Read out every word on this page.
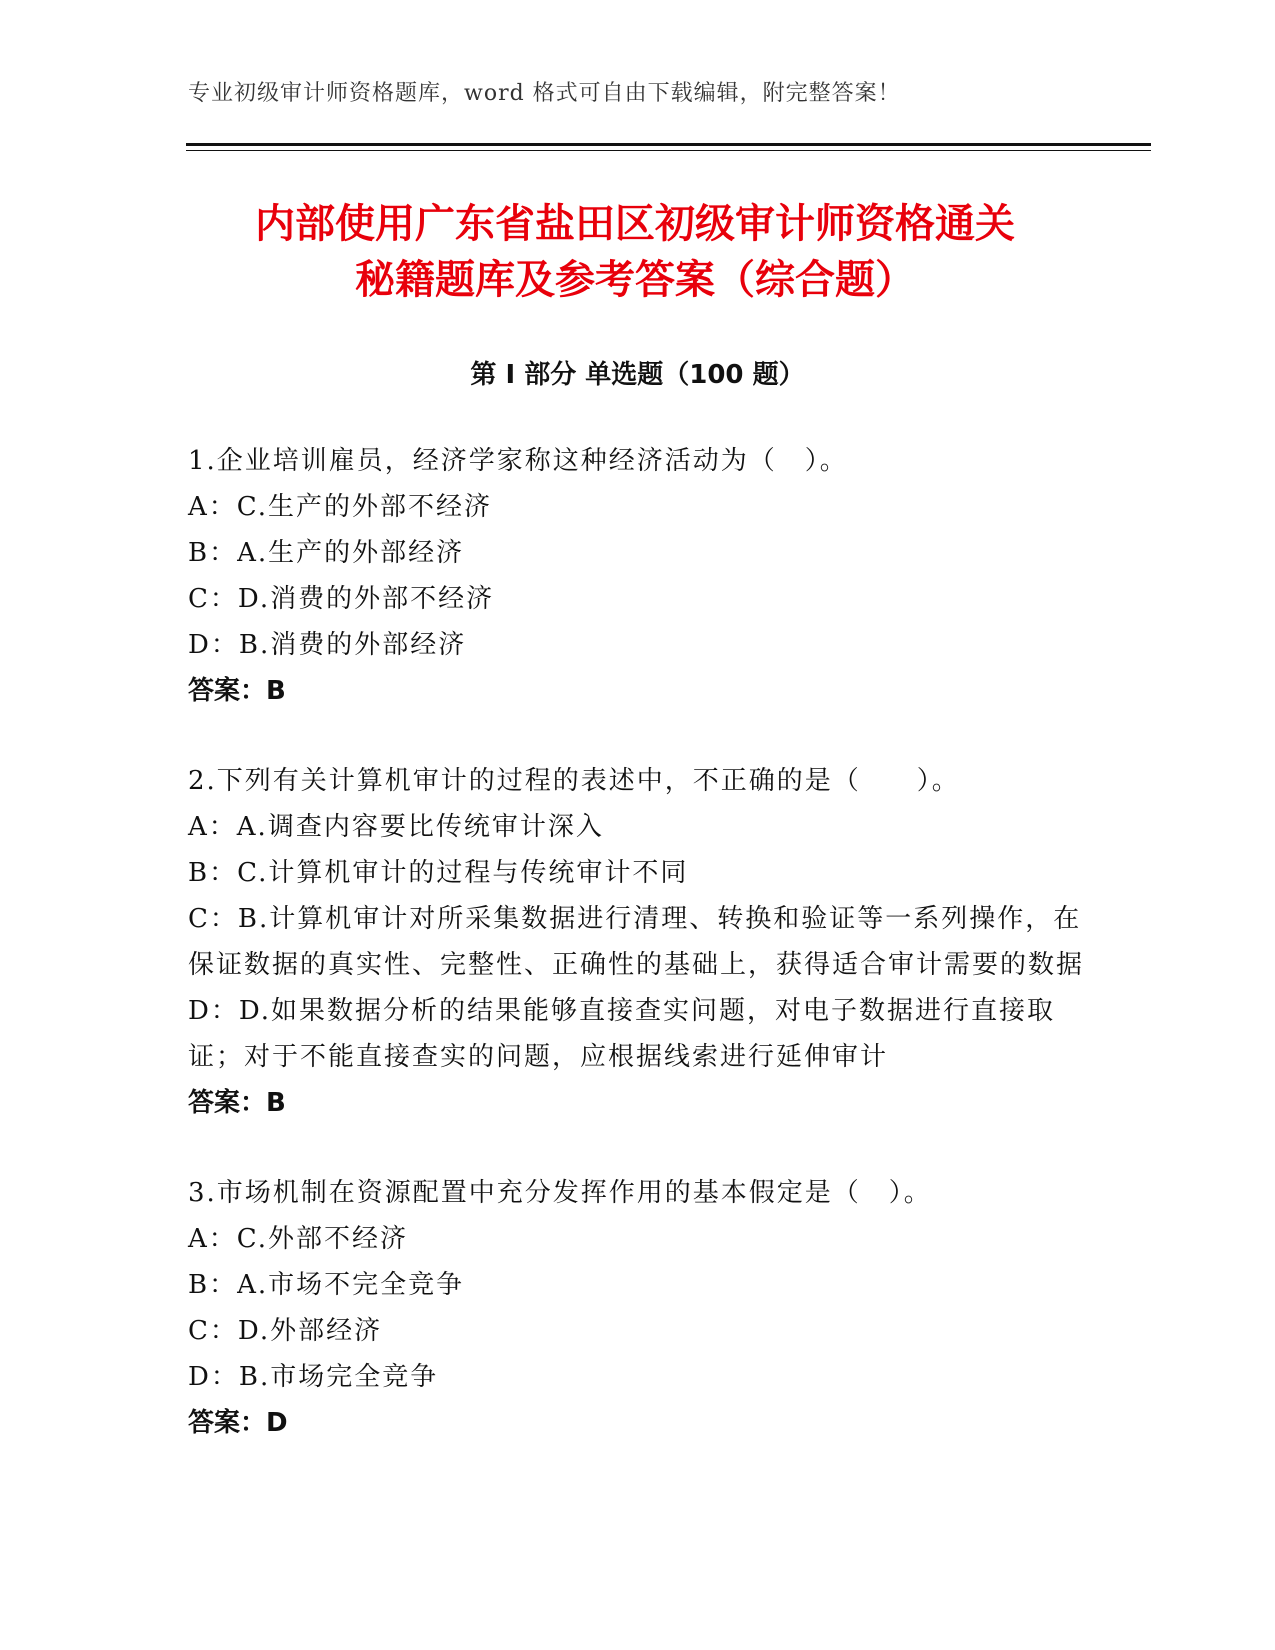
专业初级审计师资格题库，word 格式可自由下载编辑，附完整答案！
内部使用广东省盐田区初级审计师资格通关
秘籍题库及参考答案（综合题）
第 I 部分 单选题（100 题）

1.企业培训雇员，经济学家称这种经济活动为（　）。

A：C.生产的外部不经济

B：A.生产的外部经济

C：D.消费的外部不经济

D：B.消费的外部经济

答案：B

2.下列有关计算机审计的过程的表述中，不正确的是（　　）。

A：A.调查内容要比传统审计深入

B：C.计算机审计的过程与传统审计不同

C：B.计算机审计对所采集数据进行清理、转换和验证等一系列操作，在保证数据的真实性、完整性、正确性的基础上，获得适合审计需要的数据

D：D.如果数据分析的结果能够直接查实问题，对电子数据进行直接取证；对于不能直接查实的问题，应根据线索进行延伸审计

答案：B

3.市场机制在资源配置中充分发挥作用的基本假定是（　）。

A：C.外部不经济

B：A.市场不完全竞争

C：D.外部经济

D：B.市场完全竞争

答案：D
